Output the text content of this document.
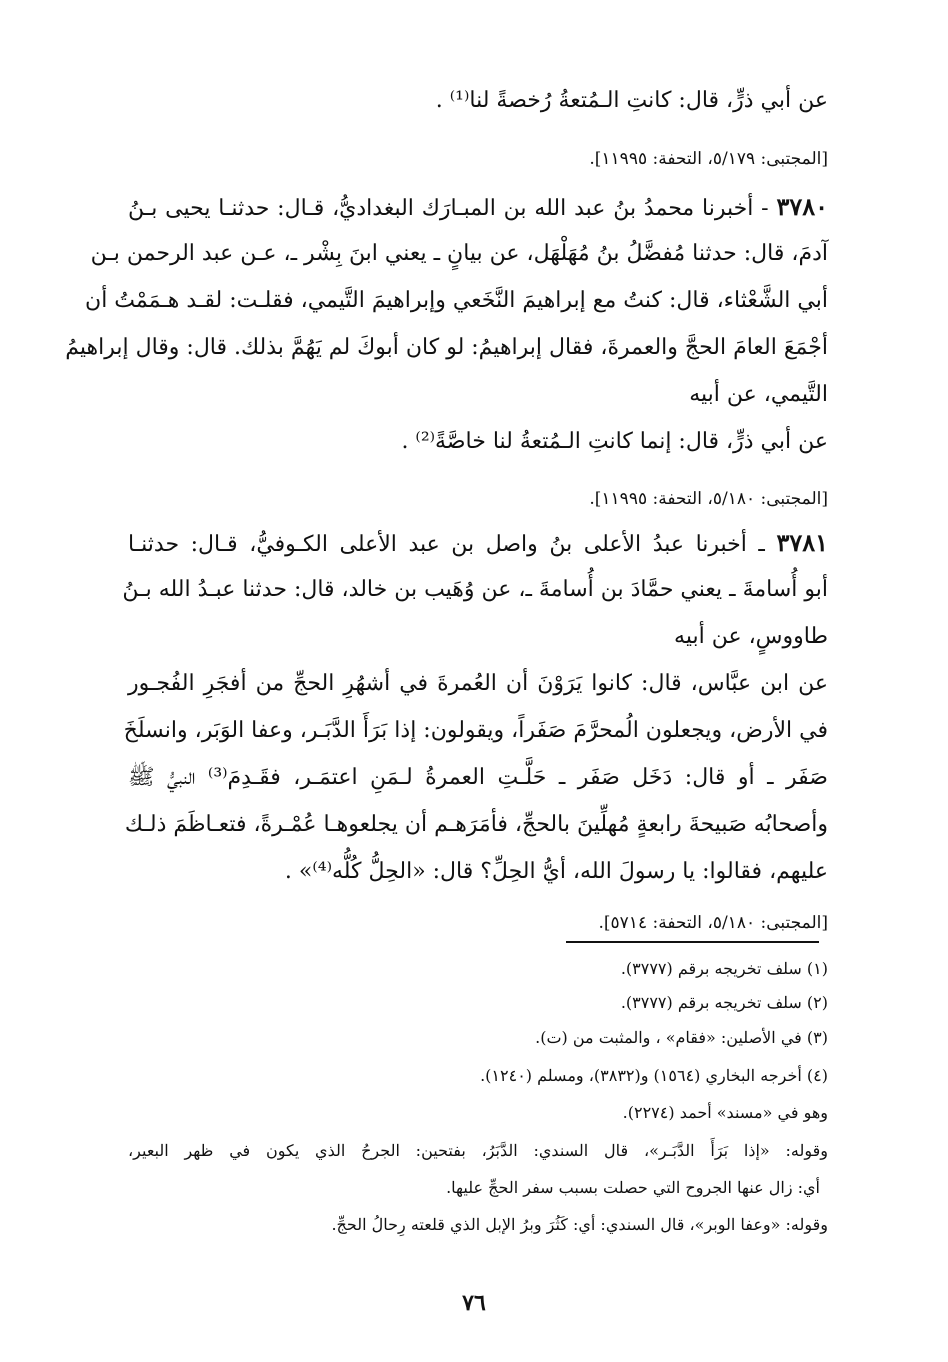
عن أبي ذرٍّ، قال: كانتِ الـمُتعةُ رُخصةً لنا⁽¹⁾ .
[المجتبى: ٥/١٧٩، التحفة: ١١٩٩٥].
٣٧٨٠ - أخبرنا محمدُ بنُ عبد الله بن المبـارَك البغداديُّ، قـال: حدثنـا يحيى بـنُ
آدمَ، قال: حدثنا مُفضَّلُ بنُ مُهَلْهَل، عن بيانٍ ـ يعني ابنَ بِشْر ـ، عـن عبد الرحمن بـن
أبي الشَّعْثاء، قال: كنتُ مع إبراهيمَ النَّخَعي وإبراهيمَ التَّيمي، فقلـت: لقـد هـمَمْتُ أن
أجْمَعَ العامَ الحجَّ والعمرةَ، فقال إبراهيمُ: لو كان أبوكَ لم يَهُمَّ بذلك. قال: وقال إبراهيمُ
التَّيمي، عن أبيه
عن أبي ذرٍّ، قال: إنما كانتِ الـمُتعةُ لنا خاصَّةً⁽²⁾ .
[المجتبى: ٥/١٨٠، التحفة: ١١٩٩٥].
٣٧٨١ ـ أخبرنا عبدُ الأعلى بنُ واصل بن عبد الأعلى الكـوفيُّ، قـال: حدثنـا
أبو أُسامةَ ـ يعني حمَّادَ بن أُسامةَ ـ، عن وُهَيب بن خالد، قال: حدثنا عبـدُ الله بـنُ
طاووسٍ، عن أبيه
عن ابن عبَّاس، قال: كانوا يَرَوْنَ أن العُمرةَ في أشهُرِ الحجِّ من أفجَرِ الفُجـور
في الأرض، ويجعلون الُمحرَّمَ صَفَراً، ويقولون: إذا بَرَأَ الدَّبَـر، وعفا الوَبَر، وانسلَخَ
صَفَر ـ أو قال: دَخَل صَفَر ـ حَلَّـتِ العمرةُ لـمَنِ اعتمَـر، فقَـدِمَ⁽³⁾ النبيُّ ﷺ
وأصحابُه صَبيحةَ رابعةٍ مُهلِّينَ بالحجِّ، فأمَرَهـم أن يجلعوهـا عُمْـرةً، فتعـاظَمَ ذلـك
عليهم، فقالوا: يا رسولَ الله، أيُّ الحِلِّ؟ قال: «الحِلُّ كُلُّه⁽⁴⁾» .
[المجتبى: ٥/١٨٠، التحفة: ٥٧١٤].
(١) سلف تخريجه برقم (٣٧٧٧).
(٢) سلف تخريجه برقم (٣٧٧٧).
(٣) في الأصلين: «فقام» ، والمثبت من (ت).
(٤) أخرجه البخاري (١٥٦٤) و(٣٨٣٢)، ومسلم (١٢٤٠).
وهو في «مسند» أحمد (٢٢٧٤).
وقوله: «إذا بَرَأَ الدَّبَـر»، قال السندي: الدَّبَرُ، بفتحين: الجرحُ الذي يكون في ظهر البعير،
أي: زال عنها الجروح التي حصلت بسبب سفر الحجِّ عليها.
وقوله: «وعفا الوبر»، قال السندي: أي: كَثُرَ وبرُ الإبل الذي قلعته رِحالُ الحجِّ.
٧٦
